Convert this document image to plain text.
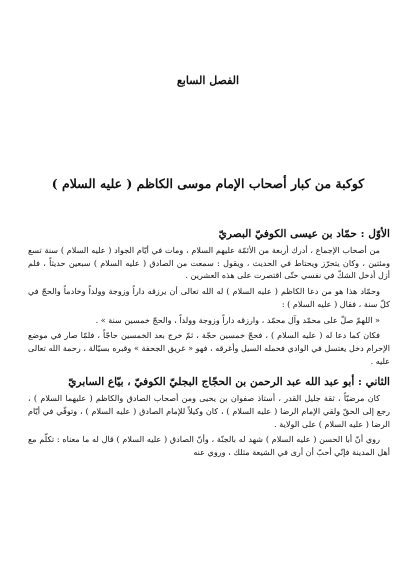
الفصل السابع
كوكبة من كبار أصحاب الإمام موسى الكاظم ( عليه السلام )
الأوّل : حمّاد بن عيسى الكوفيّ البصريّ

من أصحاب الإجماع ، أدرك أربعة من الأئمّة عليهم السلام ، ومات في أيّام الجواد ( عليه السلام ) سنة تسع ومئتين ، وكان يتحرّز ويحتاط في الحديث ، ويقول : سمعت من الصادق ( عليه السلام ) سبعين حديثاً ، فلم أزل أدخل الشكّ في نفسي حتّى اقتصرت على هذه العشرين .

وحمّاد هذا هو من دعا الكاظم ( عليه السلام ) له الله تعالى أن يرزقه داراً وزوجة وولداً وخادماً والحجّ في كلّ سنة ، فقال ( عليه السلام ) :

« اللهمّ صلّ على محمّد وآل محمّد ، وارزقه داراً وزوجة وولداً ، والحجّ خمسين سنة » .

فكان كما دعا له ( عليه السلام ) ، فحجّ خمسين حجّة ، ثمّ خرج بعد الخمسين حاجّاً ، فلمّا صار في موضع الإحرام دخل يغتسل في الوادي فحمله السيل وأغرقه ، فهو « غريق الجحفة » وقبره بسيّالة ، رحمة الله تعالى عليه .

الثاني : أبو عبد الله عبد الرحمن بن الحجّاج البجليّ الكوفيّ ، بيّاع السابريّ

كان مرضيّاً ، ثقة جليل القدر ، أستاذ صفوان بن يحيى ومن أصحاب الصادق والكاظم ( عليهما السلام ) ، رجع إلى الحقّ ولقي الإمام الرضا ( عليه السلام ) ، كان وكيلاً للإمام الصادق ( عليه السلام ) ، وتوفّي في أيّام الرضا ( عليه السلام ) على الولاية .

روي أنّ أبا الحسن ( عليه السلام ) شهد له بالجنّة ، وأنّ الصادق ( عليه السلام ) قال له ما معناه : تكلّم مع أهل المدينة فإنّي أحبّ أن أرى في الشيعة مثلك ، وروي عنه
